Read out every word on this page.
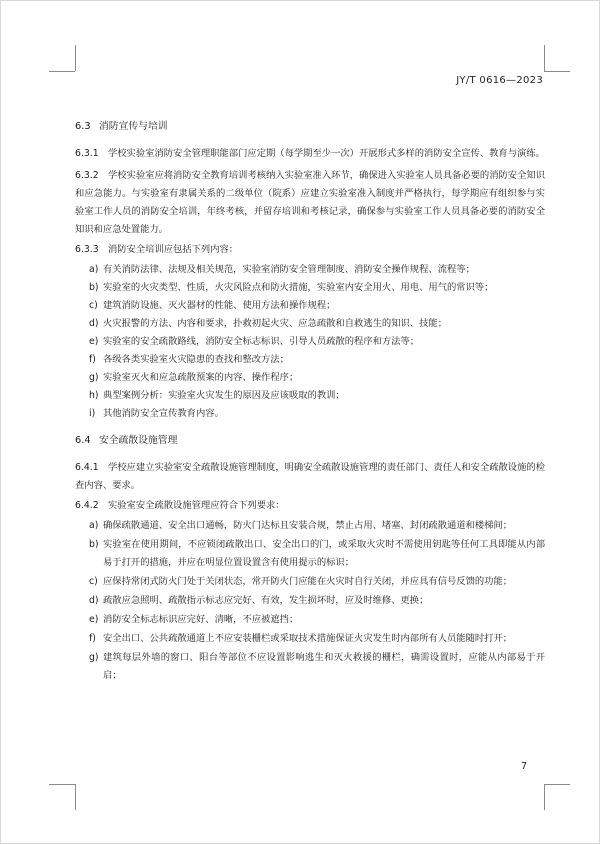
JY/T 0616—2023
6.3 消防宣传与培训

6.3.1　学校实验室消防安全管理职能部门应定期（每学期至少一次）开展形式多样的消防安全宣传、教育与演练。

6.3.2　学校实验室应将消防安全教育培训考核纳入实验室准入环节，确保进入实验室人员具备必要的消防安全知识和应急能力。与实验室有隶属关系的二级单位（院系）应建立实验室准入制度并严格执行，每学期应有组织参与实验室工作人员的消防安全培训，年终考核，并留存培训和考核记录，确保参与实验室工作人员具备必要的消防安全知识和应急处置能力。

6.3.3　消防安全培训应包括下列内容：

a) 有关消防法律、法规及相关规范，实验室消防安全管理制度、消防安全操作规程、流程等；
b) 实验室的火灾类型、性质，火灾风险点和防火措施，实验室内安全用火、用电、用气的常识等；
c) 建筑消防设施、灭火器材的性能、使用方法和操作规程；
d) 火灾报警的方法、内容和要求，扑救初起火灾、应急疏散和自救逃生的知识、技能；
e) 实验室的安全疏散路线，消防安全标志标识、引导人员疏散的程序和方法等；
f) 各级各类实验室火灾隐患的查找和整改方法；
g) 实验室灭火和应急疏散预案的内容、操作程序；
h) 典型案例分析：实验室火灾发生的原因及应该吸取的教训；
i) 其他消防安全宣传教育内容。
6.4 安全疏散设施管理

6.4.1　学校应建立实验室安全疏散设施管理制度，明确安全疏散设施管理的责任部门、责任人和安全疏散设施的检查内容、要求。

6.4.2　实验室安全疏散设施管理应符合下列要求：

a) 确保疏散通道、安全出口通畅，防火门达标且安装合规，禁止占用、堵塞、封闭疏散通道和楼梯间；
b) 实验室在使用期间，不应锁闭疏散出口、安全出口的门，或采取火灾时不需使用钥匙等任何工具即能从内部易于打开的措施，并应在明显位置设置含有使用提示的标识；
c) 应保持常闭式防火门处于关闭状态，常开防火门应能在火灾时自行关闭，并应具有信号反馈的功能；
d) 疏散应急照明、疏散指示标志应完好、有效，发生损坏时，应及时维修、更换；
e) 消防安全标志标识应完好、清晰，不应被遮挡；
f) 安全出口、公共疏散通道上不应安装栅栏或采取技术措施保证火灾发生时内部所有人员能随时打开；
g) 建筑每层外墙的窗口、阳台等部位不应设置影响逃生和灭火救援的栅栏，确需设置时，应能从内部易于开启；
7
